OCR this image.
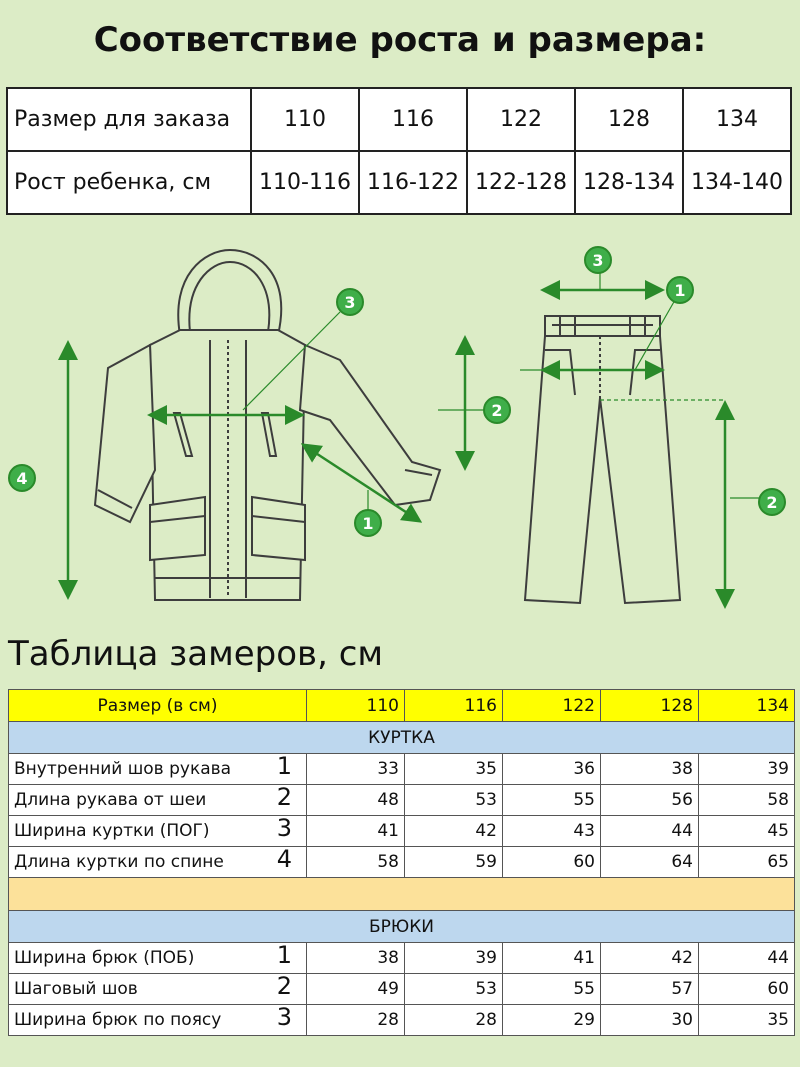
Соответствие роста и размера:
Размер для заказа	110	116	122	128	134
Рост ребенка, см	110-116	116-122	122-128	128-134	134-140
4
2
3
1
3
1
2
Таблица замеров, см
Размер (в см)	110	116	122	128	134
КУРТКА					
Внутренний шов рукава 1	33	35	36	38	39
Длина рукава от шеи 2	48	53	55	56	58
Ширина куртки (ПОГ) 3	41	42	43	44	45
Длина куртки по спине 4	58	59	60	64	65

БРЮКИ					
Ширина брюк (ПОБ) 1	38	39	41	42	44
Шаговый шов 2	49	53	55	57	60
Ширина брюк по поясу 3	28	28	29	30	35
